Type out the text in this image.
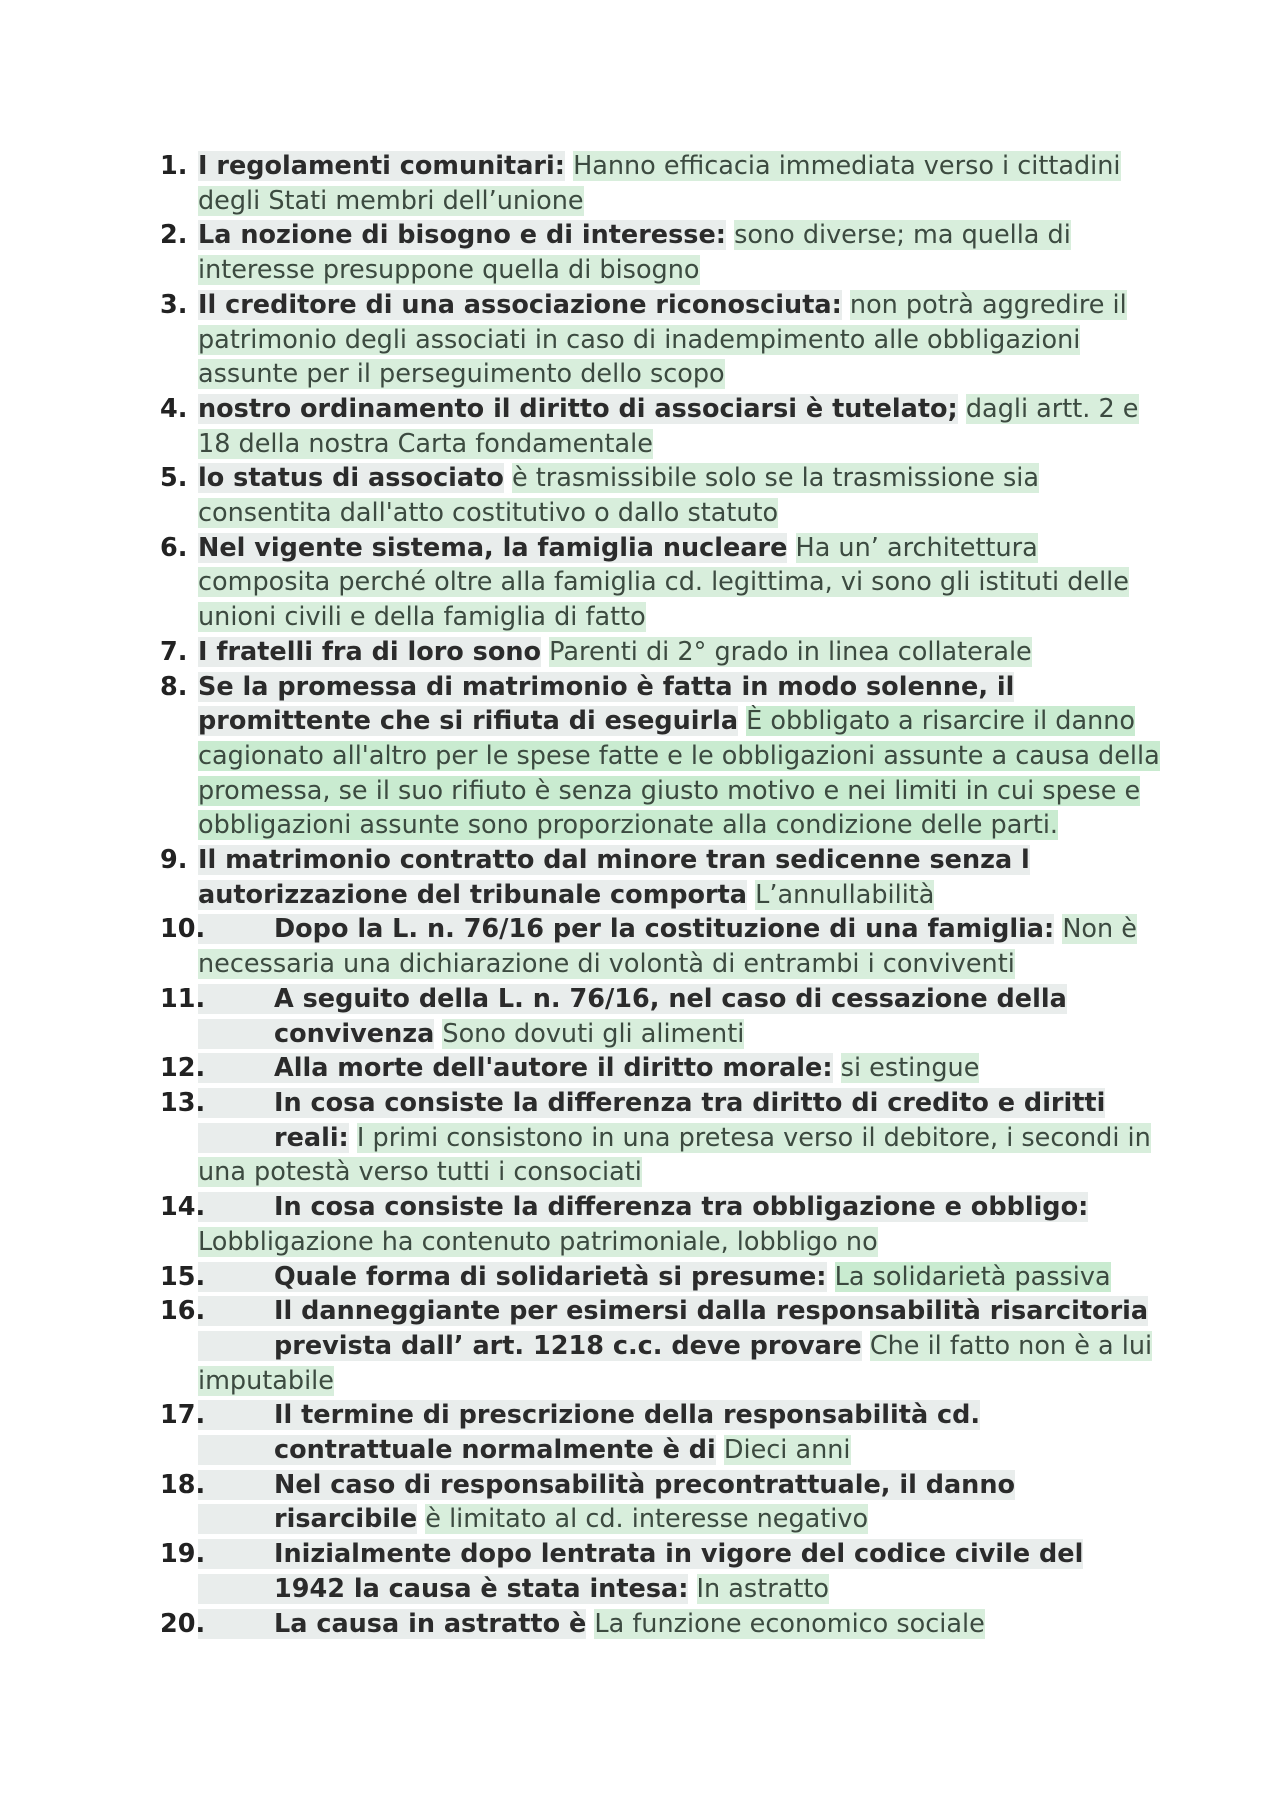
1. I regolamenti comunitari: Hanno efficacia immediata verso i cittadini degli Stati membri dell’unione
2. La nozione di bisogno e di interesse: sono diverse; ma quella di interesse presuppone quella di bisogno
3. Il creditore di una associazione riconosciuta: non potrà aggredire il patrimonio degli associati in caso di inadempimento alle obbligazioni assunte per il perseguimento dello scopo
4. nostro ordinamento il diritto di associarsi è tutelato; dagli artt. 2 e 18 della nostra Carta fondamentale
5. lo status di associato è trasmissibile solo se la trasmissione sia consentita dall'atto costitutivo o dallo statuto
6. Nel vigente sistema, la famiglia nucleare Ha un’ architettura composita perché oltre alla famiglia cd. legittima, vi sono gli istituti delle unioni civili e della famiglia di fatto
7. I fratelli fra di loro sono Parenti di 2° grado in linea collaterale
8. Se la promessa di matrimonio è fatta in modo solenne, il promittente che si rifiuta di eseguirla È obbligato a risarcire il danno cagionato all'altro per le spese fatte e le obbligazioni assunte a causa della promessa, se il suo rifiuto è senza giusto motivo e nei limiti in cui spese e obbligazioni assunte sono proporzionate alla condizione delle parti.
9. Il matrimonio contratto dal minore tran sedicenne senza l autorizzazione del tribunale comporta L’annullabilità
10.	Dopo la L. n. 76/16 per la costituzione di una famiglia: Non è necessaria una dichiarazione di volontà di entrambi i conviventi
11.	A seguito della L. n. 76/16, nel caso di cessazione della convivenza Sono dovuti gli alimenti
12.	Alla morte dell'autore il diritto morale: si estingue
13.	In cosa consiste la differenza tra diritto di credito e diritti reali: I primi consistono in una pretesa verso il debitore, i secondi in una potestà verso tutti i consociati
14.	In cosa consiste la differenza tra obbligazione e obbligo: Lobbligazione ha contenuto patrimoniale, lobbligo no
15.	Quale forma di solidarietà si presume: La solidarietà passiva
16.	Il danneggiante per esimersi dalla responsabilità risarcitoria prevista dall’ art. 1218 c.c. deve provare Che il fatto non è a lui imputabile
17.	Il termine di prescrizione della responsabilità cd. contrattuale normalmente è di Dieci anni
18.	Nel caso di responsabilità precontrattuale, il danno risarcibile è limitato al cd. interesse negativo
19.	Inizialmente dopo lentrata in vigore del codice civile del 1942 la causa è stata intesa: In astratto
20.	La causa in astratto è La funzione economico sociale
